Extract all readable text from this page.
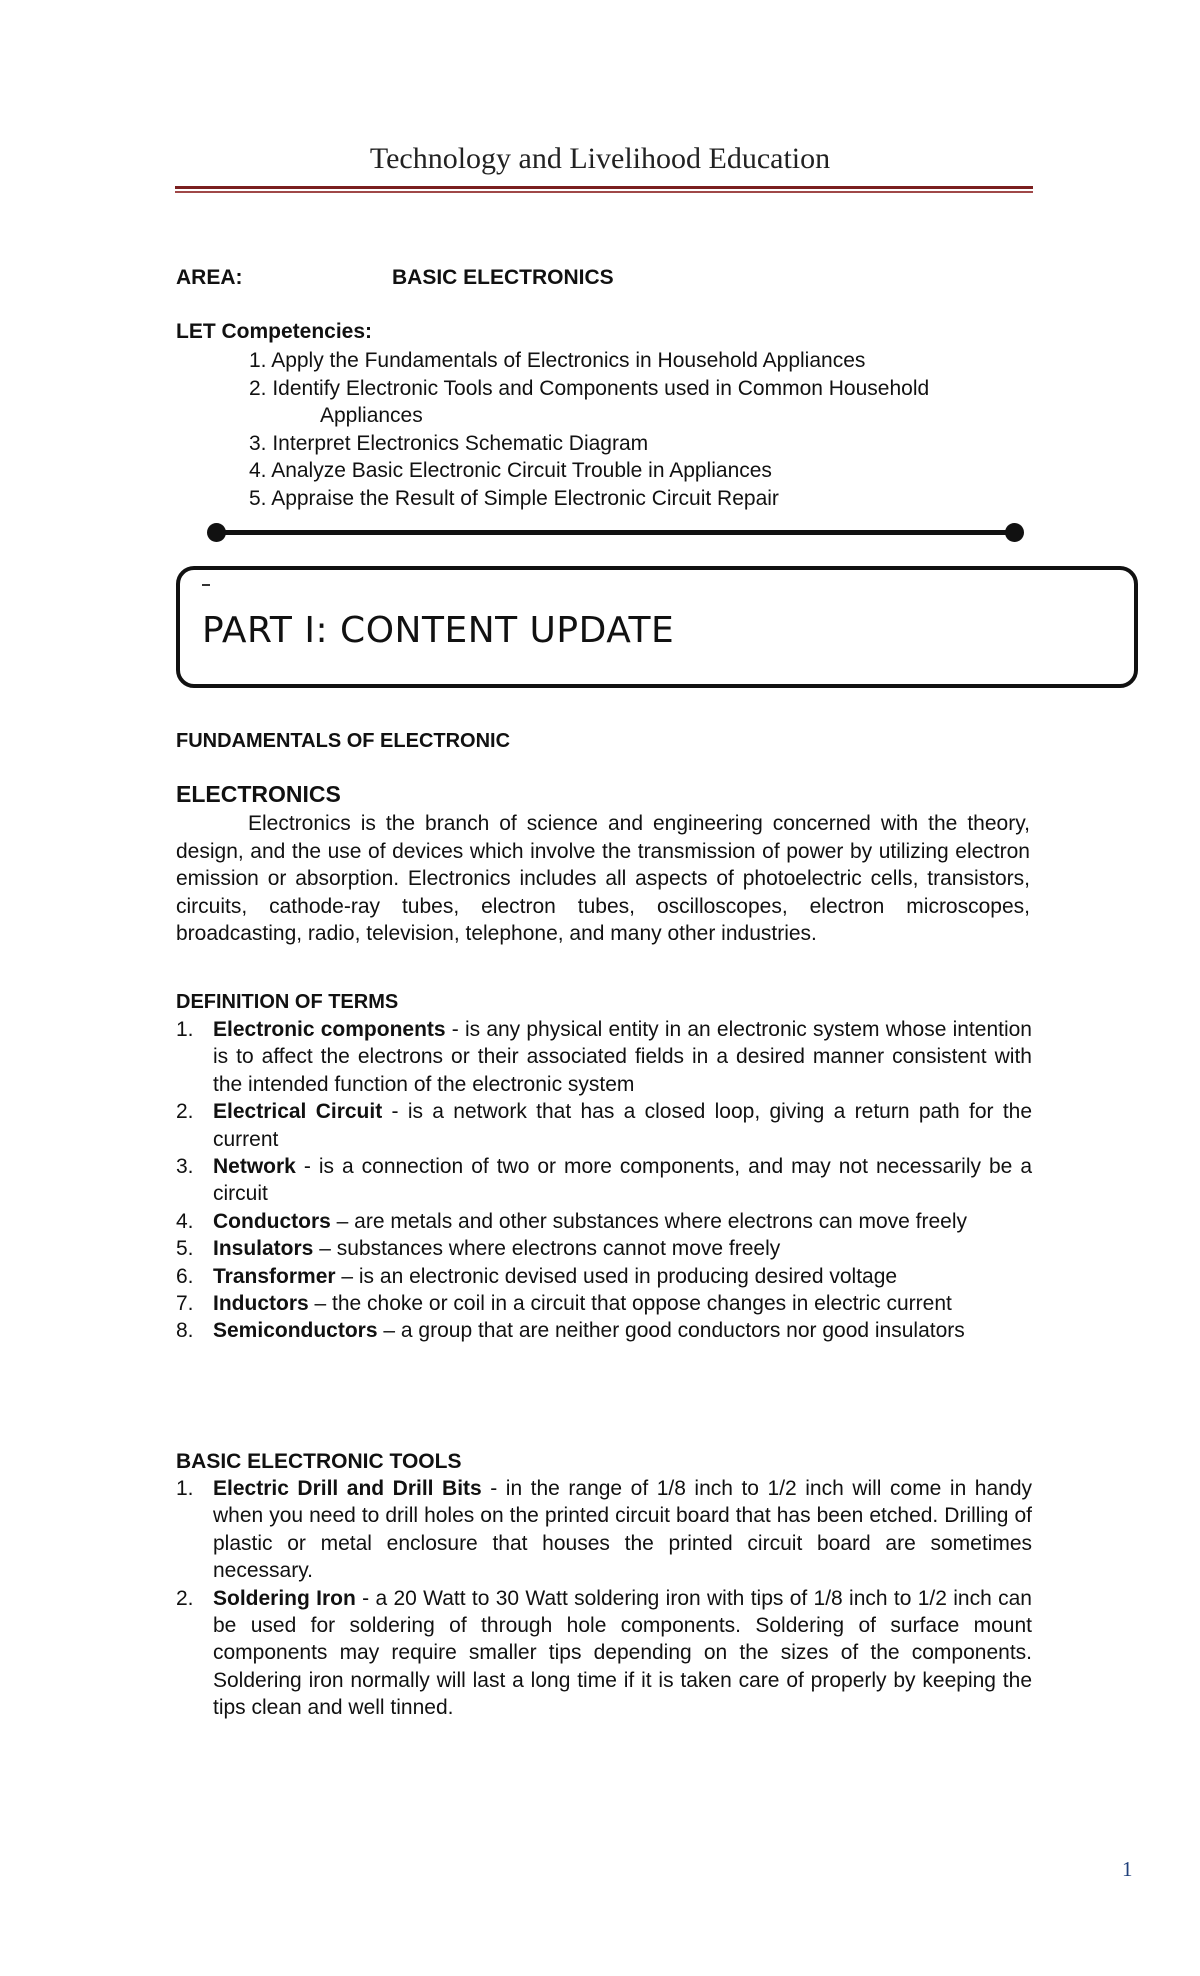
Technology and Livelihood Education
AREA:	BASIC ELECTRONICS
LET Competencies:
1. Apply the Fundamentals of Electronics in Household Appliances
2. Identify Electronic Tools and Components used in Common Household
Appliances
3. Interpret Electronics Schematic Diagram
4. Analyze Basic Electronic Circuit Trouble in Appliances
5. Appraise the Result of Simple Electronic Circuit Repair
PART I: CONTENT UPDATE
FUNDAMENTALS OF ELECTRONIC
ELECTRONICS
Electronics is the branch of science and engineering concerned with the theory, design, and the use of devices which involve the transmission of power by utilizing electron emission or absorption. Electronics includes all aspects of photoelectric cells, transistors, circuits, cathode-ray tubes, electron tubes, oscilloscopes, electron microscopes, broadcasting, radio, television, telephone, and many other industries.
DEFINITION OF TERMS
1. Electronic components - is any physical entity in an electronic system whose intention is to affect the electrons or their associated fields in a desired manner consistent with the intended function of the electronic system
2. Electrical Circuit - is a network that has a closed loop, giving a return path for the current
3. Network - is a connection of two or more components, and may not necessarily be a circuit
4. Conductors – are metals and other substances where electrons can move freely
5. Insulators – substances where electrons cannot move freely
6. Transformer – is an electronic devised used in producing desired voltage
7. Inductors – the choke or coil in a circuit that oppose changes in electric current
8. Semiconductors – a group that are neither good conductors nor good insulators
BASIC ELECTRONIC TOOLS
1. Electric Drill and Drill Bits - in the range of 1/8 inch to 1/2 inch will come in handy when you need to drill holes on the printed circuit board that has been etched. Drilling of plastic or metal enclosure that houses the printed circuit board are sometimes necessary.
2. Soldering Iron - a 20 Watt to 30 Watt soldering iron with tips of 1/8 inch to 1/2 inch can be used for soldering of through hole components. Soldering of surface mount components may require smaller tips depending on the sizes of the components. Soldering iron normally will last a long time if it is taken care of properly by keeping the tips clean and well tinned.
1
